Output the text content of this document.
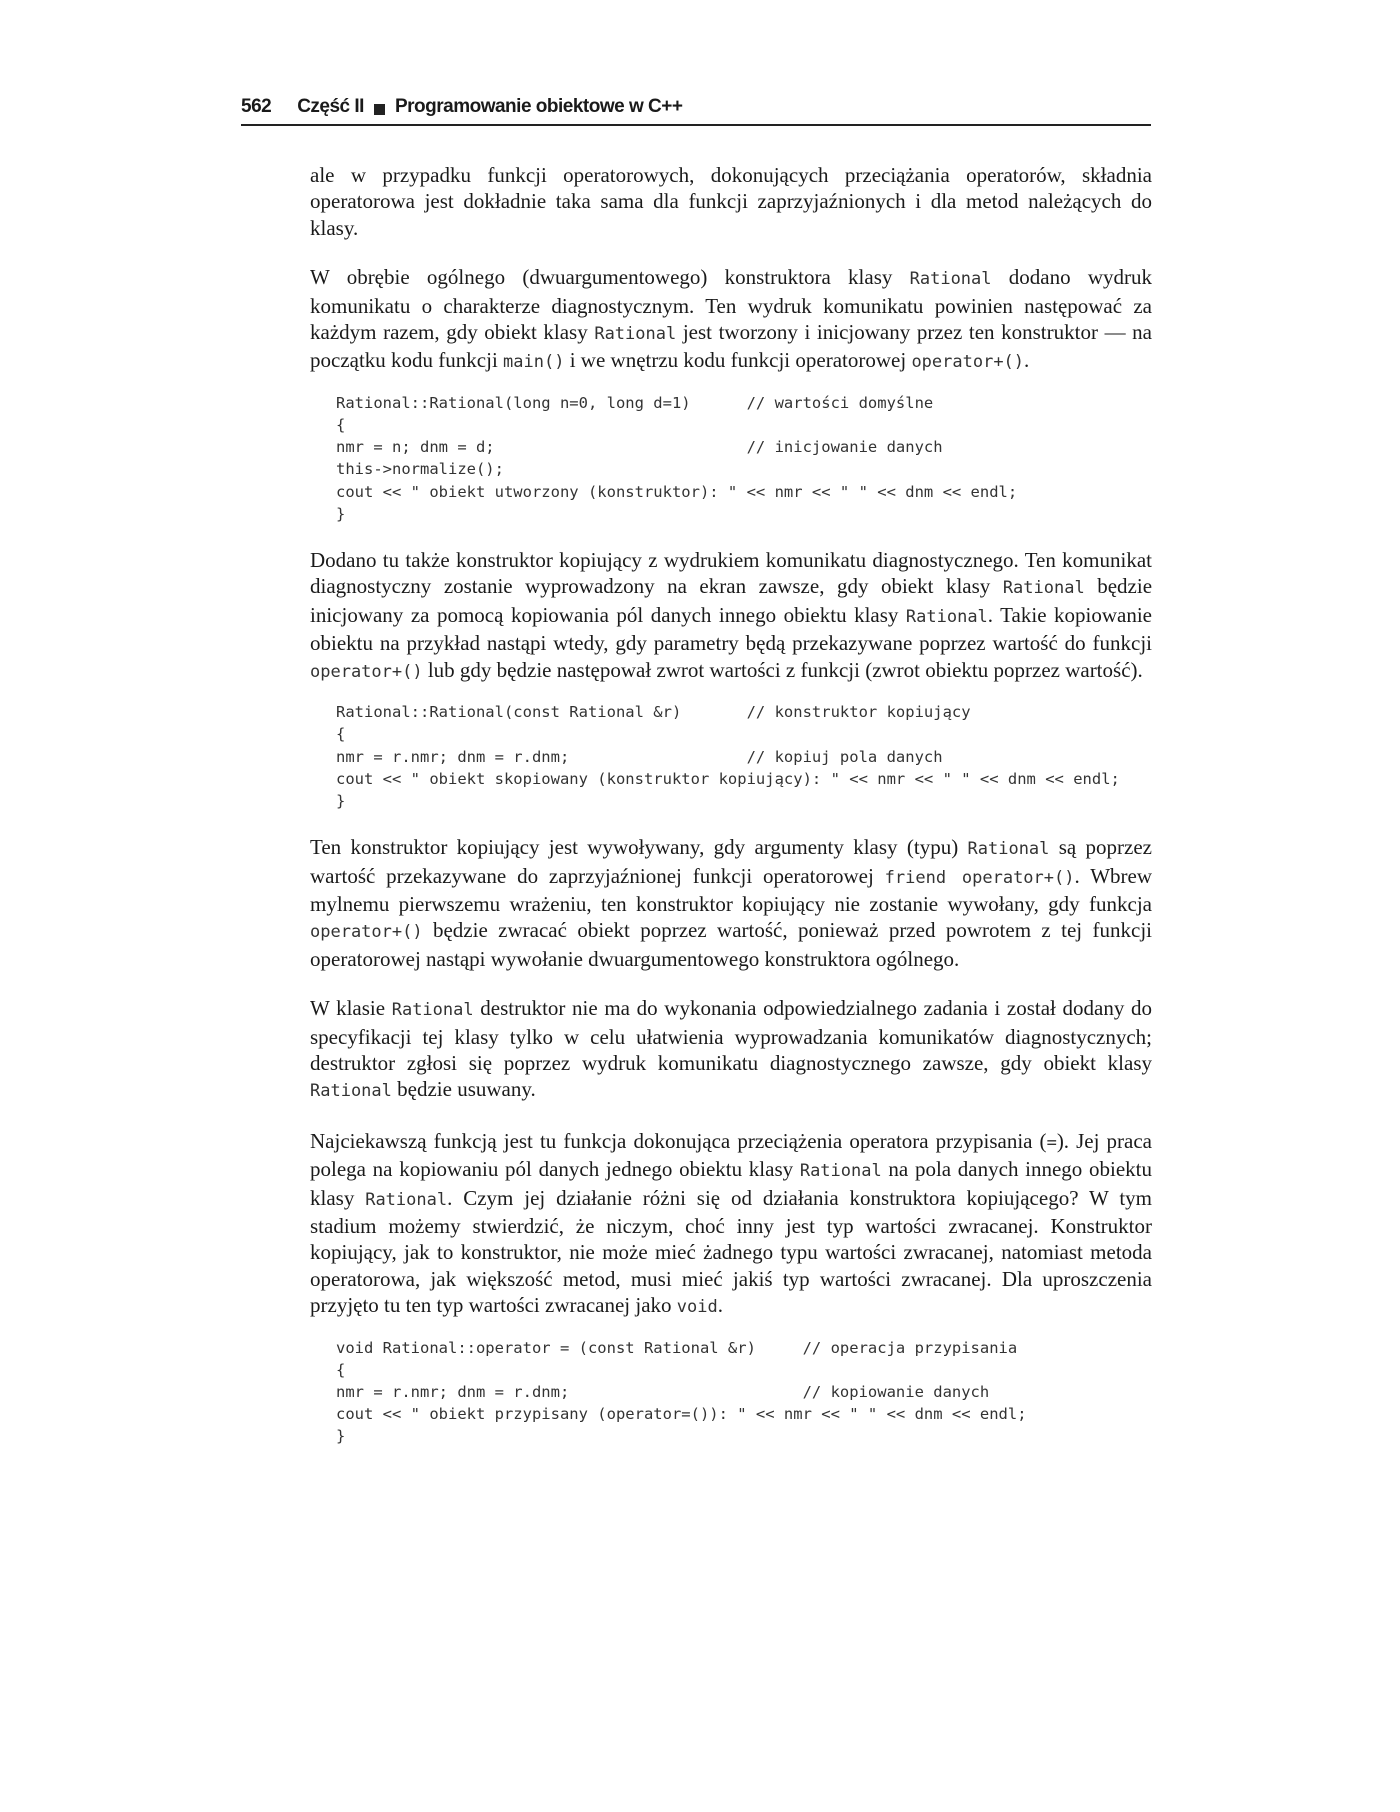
562 Część II Programowanie obiektowe w C++

ale w przypadku funkcji operatorowych, dokonujących przeciążania operatorów, składnia operatorowa jest dokładnie taka sama dla funkcji zaprzyjaźnionych i dla metod należących do klasy.

W obrębie ogólnego (dwuargumentowego) konstruktora klasy Rational dodano wydruk komunikatu o charakterze diagnostycznym. Ten wydruk komunikatu powinien następować za każdym razem, gdy obiekt klasy Rational jest tworzony i inicjowany przez ten konstruktor — na początku kodu funkcji main() i we wnętrzu kodu funkcji operatorowej operator+().

Rational::Rational(long n=0, long d=1)      // wartości domyślne
{
nmr = n; dnm = d;                           // inicjowanie danych
this->normalize();
cout << " obiekt utworzony (konstruktor): " << nmr << " " << dnm << endl;
}

Dodano tu także konstruktor kopiujący z wydrukiem komunikatu diagnostycznego. Ten komunikat diagnostyczny zostanie wyprowadzony na ekran zawsze, gdy obiekt klasy Rational będzie inicjowany za pomocą kopiowania pól danych innego obiektu klasy Rational. Takie kopiowanie obiektu na przykład nastąpi wtedy, gdy parametry będą przekazywane poprzez wartość do funkcji operator+() lub gdy będzie następował zwrot wartości z funkcji (zwrot obiektu poprzez wartość).

Rational::Rational(const Rational &r)       // konstruktor kopiujący
{
nmr = r.nmr; dnm = r.dnm;                   // kopiuj pola danych
cout << " obiekt skopiowany (konstruktor kopiujący): " << nmr << " " << dnm << endl;
}

Ten konstruktor kopiujący jest wywoływany, gdy argumenty klasy (typu) Rational są poprzez wartość przekazywane do zaprzyjaźnionej funkcji operatorowej friend operator+(). Wbrew mylnemu pierwszemu wrażeniu, ten konstruktor kopiujący nie zostanie wywołany, gdy funkcja operator+() będzie zwracać obiekt poprzez wartość, ponieważ przed powrotem z tej funkcji operatorowej nastąpi wywołanie dwuargumentowego konstruktora ogólnego.

W klasie Rational destruktor nie ma do wykonania odpowiedzialnego zadania i został dodany do specyfikacji tej klasy tylko w celu ułatwienia wyprowadzania komunikatów diagnostycznych; destruktor zgłosi się poprzez wydruk komunikatu diagnostycznego zawsze, gdy obiekt klasy Rational będzie usuwany.

Najciekawszą funkcją jest tu funkcja dokonująca przeciążenia operatora przypisania (=). Jej praca polega na kopiowaniu pól danych jednego obiektu klasy Rational na pola danych innego obiektu klasy Rational. Czym jej działanie różni się od działania konstruktora kopiującego? W tym stadium możemy stwierdzić, że niczym, choć inny jest typ wartości zwracanej. Konstruktor kopiujący, jak to konstruktor, nie może mieć żadnego typu wartości zwracanej, natomiast metoda operatorowa, jak większość metod, musi mieć jakiś typ wartości zwracanej. Dla uproszczenia przyjęto tu ten typ wartości zwracanej jako void.

void Rational::operator = (const Rational &r)     // operacja przypisania
{
nmr = r.nmr; dnm = r.dnm;                         // kopiowanie danych
cout << " obiekt przypisany (operator=()): " << nmr << " " << dnm << endl;
}
